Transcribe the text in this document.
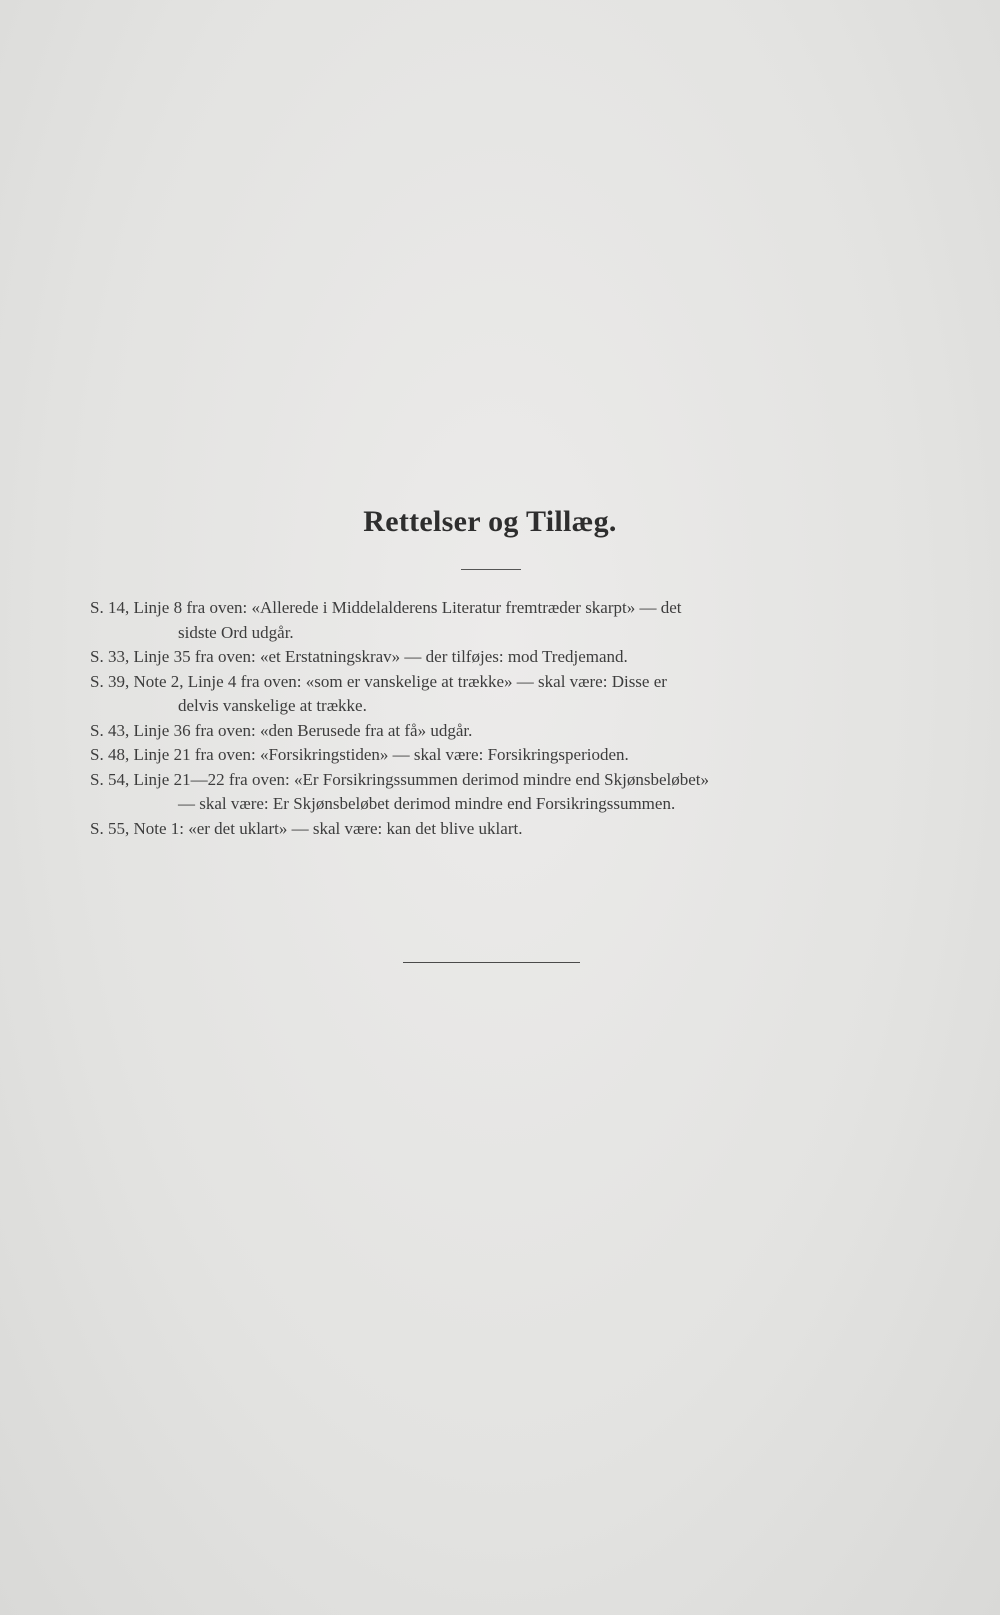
Rettelser og Tillæg.
S. 14, Linje 8 fra oven: «Allerede i Middelalderens Literatur fremtræder skarpt» — det
sidste Ord udgår.
S. 33, Linje 35 fra oven: «et Erstatningskrav» — der tilføjes: mod Tredjemand.
S. 39, Note 2, Linje 4 fra oven: «som er vanskelige at trække» — skal være: Disse er
delvis vanskelige at trække.
S. 43, Linje 36 fra oven: «den Berusede fra at få» udgår.
S. 48, Linje 21 fra oven: «Forsikringstiden» — skal være: Forsikringsperioden.
S. 54, Linje 21—22 fra oven: «Er Forsikringssummen derimod mindre end Skjønsbeløbet»
— skal være: Er Skjønsbeløbet derimod mindre end Forsikringssummen.
S. 55, Note 1: «er det uklart» — skal være: kan det blive uklart.
